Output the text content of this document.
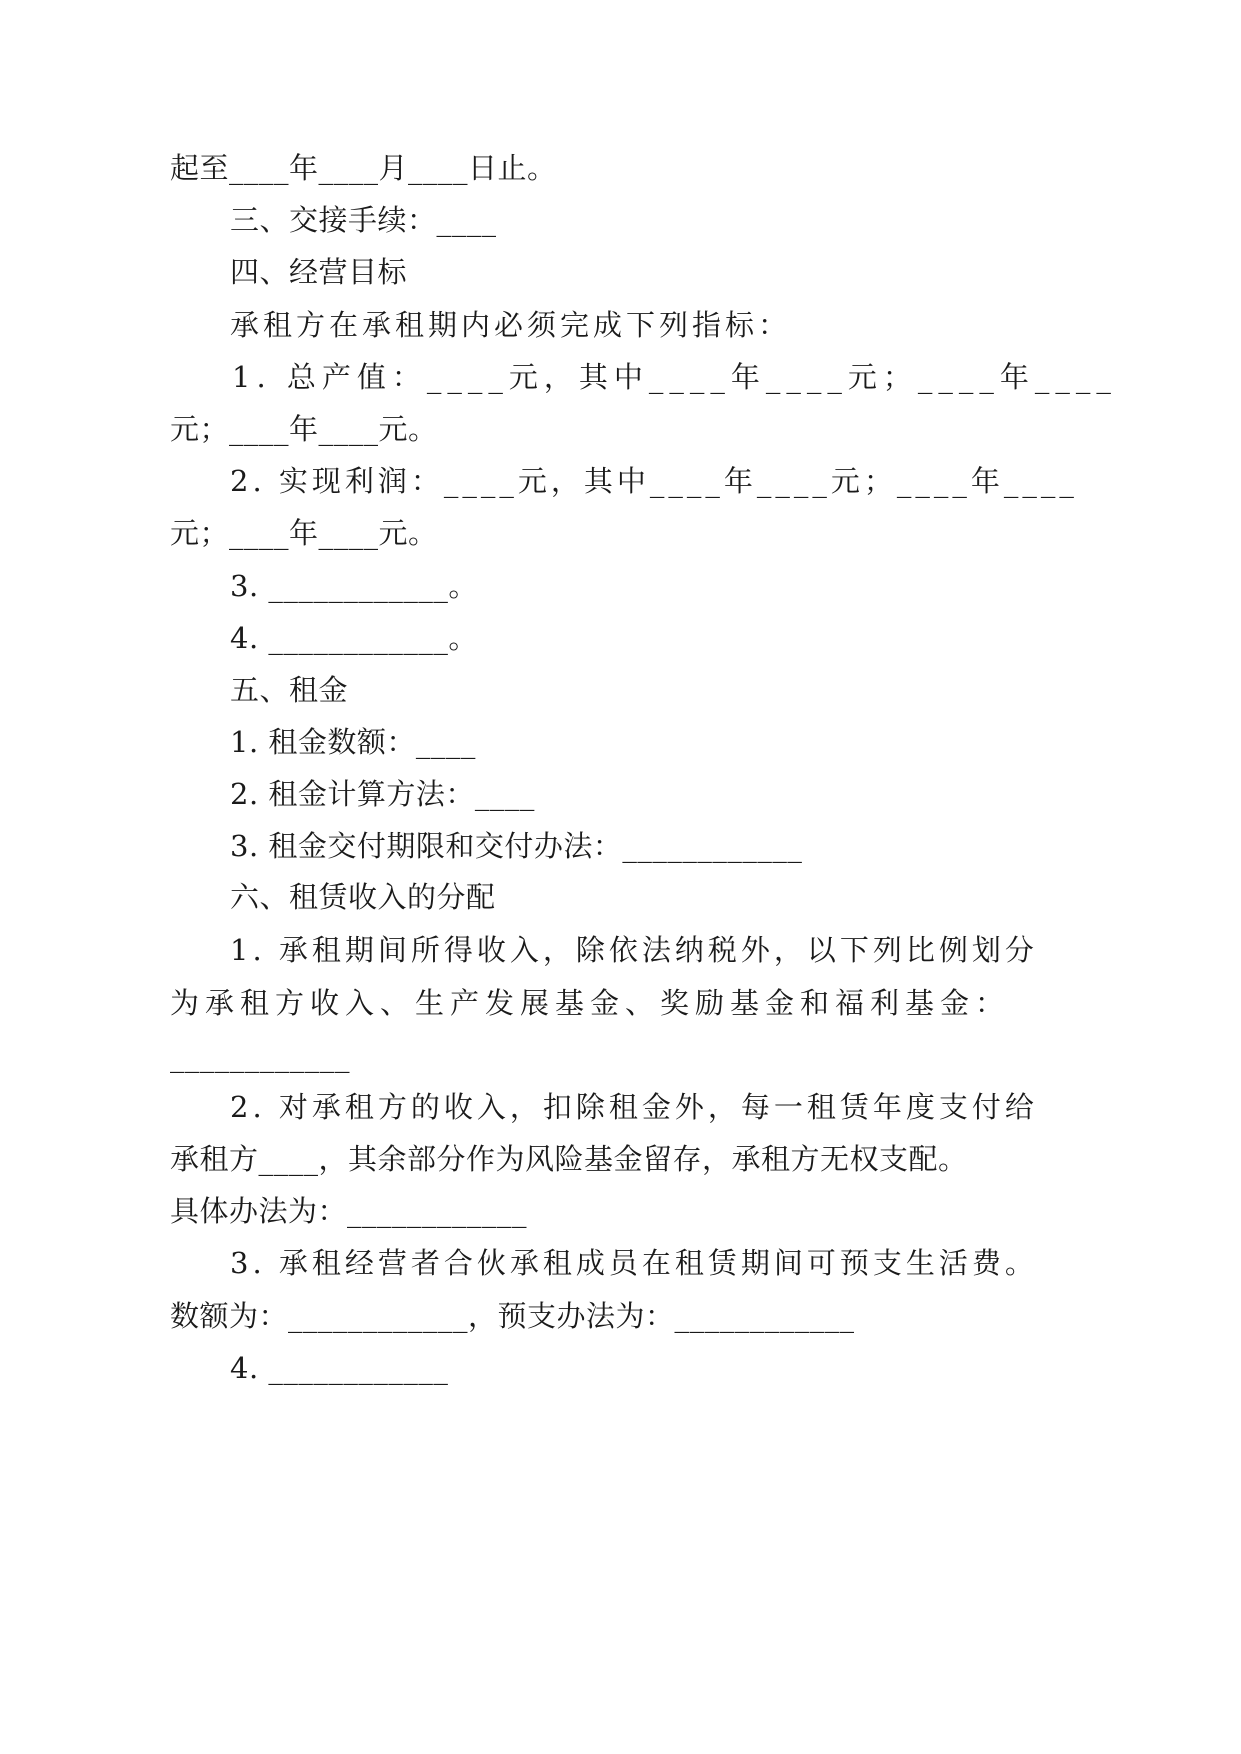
起至____年____月____日止。
三、交接手续：____
四、经营目标
承租方在承租期内必须完成下列指标：
1. 总产值：____元，其中____年____元；____年____
元；____年____元。
2. 实现利润：____元，其中____年____元；____年____
元；____年____元。
3. ____________。
4. ____________。
五、租金
1. 租金数额：____
2. 租金计算方法：____
3. 租金交付期限和交付办法：____________
六、租赁收入的分配
1. 承租期间所得收入，除依法纳税外，以下列比例划分
为承租方收入、生产发展基金、奖励基金和福利基金：
____________
2. 对承租方的收入，扣除租金外，每一租赁年度支付给
承租方____，其余部分作为风险基金留存，承租方无权支配。
具体办法为：____________
3. 承租经营者合伙承租成员在租赁期间可预支生活费。
数额为：____________，预支办法为：____________
4. ____________
